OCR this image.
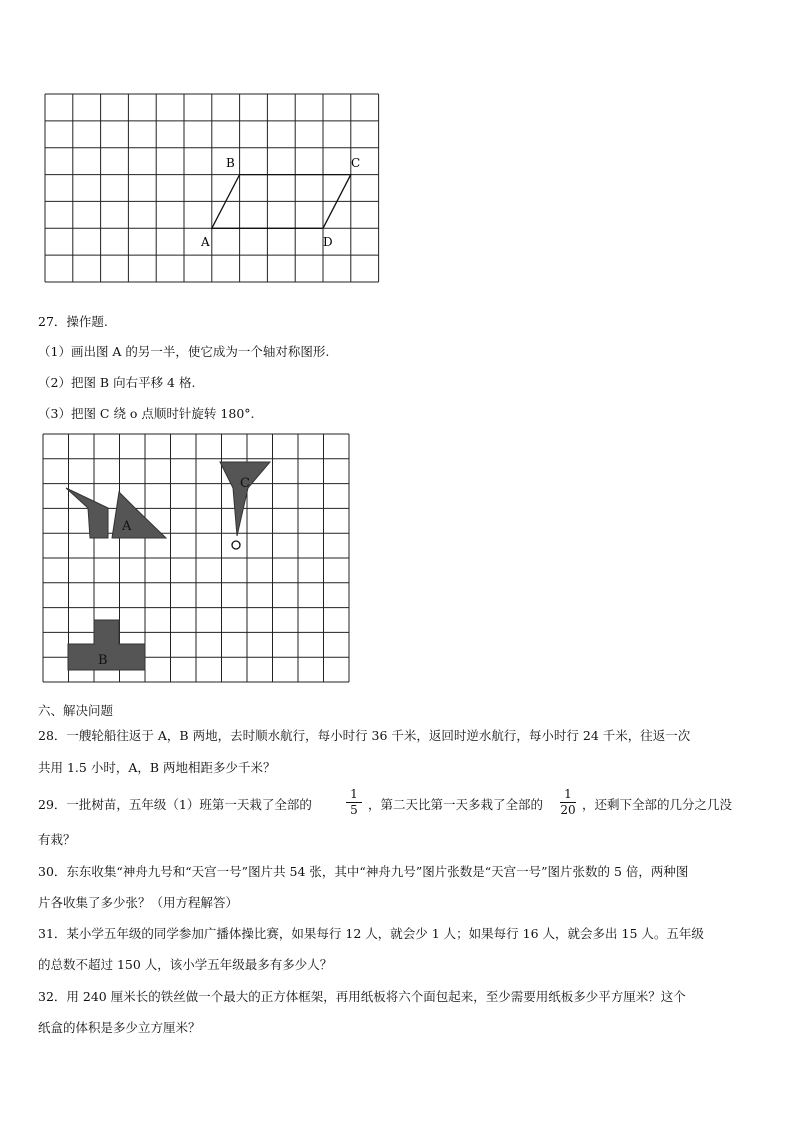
A
B	C
D
27．操作题.
（1）画出图 A 的另一半，使它成为一个轴对称图形.
（2）把图 B 向右平移 4 格.
（3）把图 C 绕 o 点顺时针旋转 180°.
A
C
B
六、解决问题
28．一艘轮船往返于 A，B 两地，去时顺水航行，每小时行 36 千米，返回时逆水航行，每小时行 24 千米，往返一次
共用 1.5 小时，A，B 两地相距多少千米？
29．一批树苗，五年级（1）班第一天栽了全部的
1
5 ，第二天比第一天多栽了全部的
1
20 ，还剩下全部的几分之几没
有栽？
30．东东收集“神舟九号和“天宫一号”图片共 54 张，其中“神舟九号”图片张数是“天宫一号”图片张数的 5 倍，两种图
片各收集了多少张？（用方程解答）
31．某小学五年级的同学参加广播体操比赛，如果每行 12 人，就会少 1 人；如果每行 16 人，就会多出 15 人。五年级
的总数不超过 150 人，该小学五年级最多有多少人？
32．用 240 厘米长的铁丝做一个最大的正方体框架，再用纸板将六个面包起来，至少需要用纸板多少平方厘米？这个
纸盒的体积是多少立方厘米？
